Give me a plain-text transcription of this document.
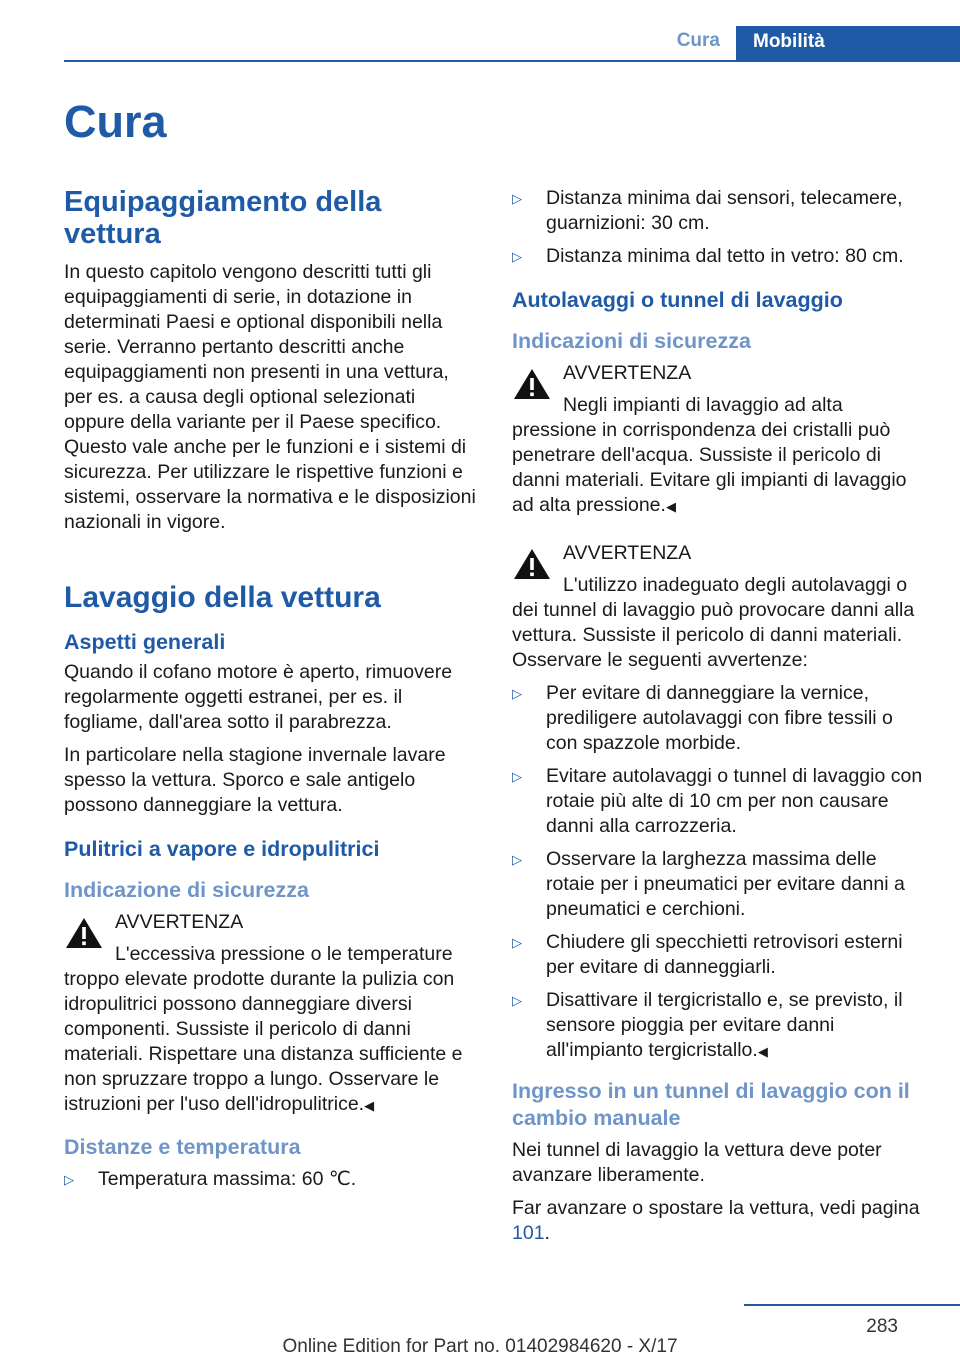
Cura	Mobilità
Cura
Equipaggiamento della vettura

In questo capitolo vengono descritti tutti gli equipaggiamenti di serie, in dotazione in determinati Paesi e optional disponibili nella serie. Verranno pertanto descritti anche equipaggiamenti non presenti in una vettura, per es. a causa degli optional selezionati oppure della variante per il Paese specifico. Questo vale anche per le funzioni e i sistemi di sicurezza. Per utilizzare le rispettive funzioni e sistemi, osservare la normativa e le disposizioni nazionali in vigore.

Lavaggio della vettura
Aspetti generali

Quando il cofano motore è aperto, rimuovere regolarmente oggetti estranei, per es. il fogliame, dall'area sotto il parabrezza.

In particolare nella stagione invernale lavare spesso la vettura. Sporco e sale antigelo possono danneggiare la vettura.

Pulitrici a vapore e idropulitrici
Indicazione di sicurezza
AVVERTENZA

L'eccessiva pressione o le temperature troppo elevate prodotte durante la pulizia con idropulitrici possono danneggiare diversi componenti. Sussiste il pericolo di danni materiali. Rispettare una distanza sufficiente e non spruzzare troppo a lungo. Osservare le istruzioni per l'uso dell'idropulitrice.◀

Distanze e temperatura
▷ Temperatura massima: 60 ℃.
▷ Distanza minima dai sensori, telecamere, guarnizioni: 30 cm.
▷ Distanza minima dal tetto in vetro: 80 cm.
Autolavaggi o tunnel di lavaggio
Indicazioni di sicurezza
AVVERTENZA

Negli impianti di lavaggio ad alta pressione in corrispondenza dei cristalli può penetrare dell'acqua. Sussiste il pericolo di danni materiali. Evitare gli impianti di lavaggio ad alta pressione.◀

AVVERTENZA

L'utilizzo inadeguato degli autolavaggi o dei tunnel di lavaggio può provocare danni alla vettura. Sussiste il pericolo di danni materiali. Osservare le seguenti avvertenze:

▷ Per evitare di danneggiare la vernice, prediligere autolavaggi con fibre tessili o con spazzole morbide.
▷ Evitare autolavaggi o tunnel di lavaggio con rotaie più alte di 10 cm per non causare danni alla carrozzeria.
▷ Osservare la larghezza massima delle rotaie per i pneumatici per evitare danni a pneumatici e cerchioni.
▷ Chiudere gli specchietti retrovisori esterni per evitare di danneggiarli.
▷ Disattivare il tergicristallo e, se previsto, il sensore pioggia per evitare danni all'impianto tergicristallo.◀
Ingresso in un tunnel di lavaggio con il cambio manuale

Nei tunnel di lavaggio la vettura deve poter avanzare liberamente.

Far avanzare o spostare la vettura, vedi pagina 101.

283
Online Edition for Part no. 01402984620 - X/17
